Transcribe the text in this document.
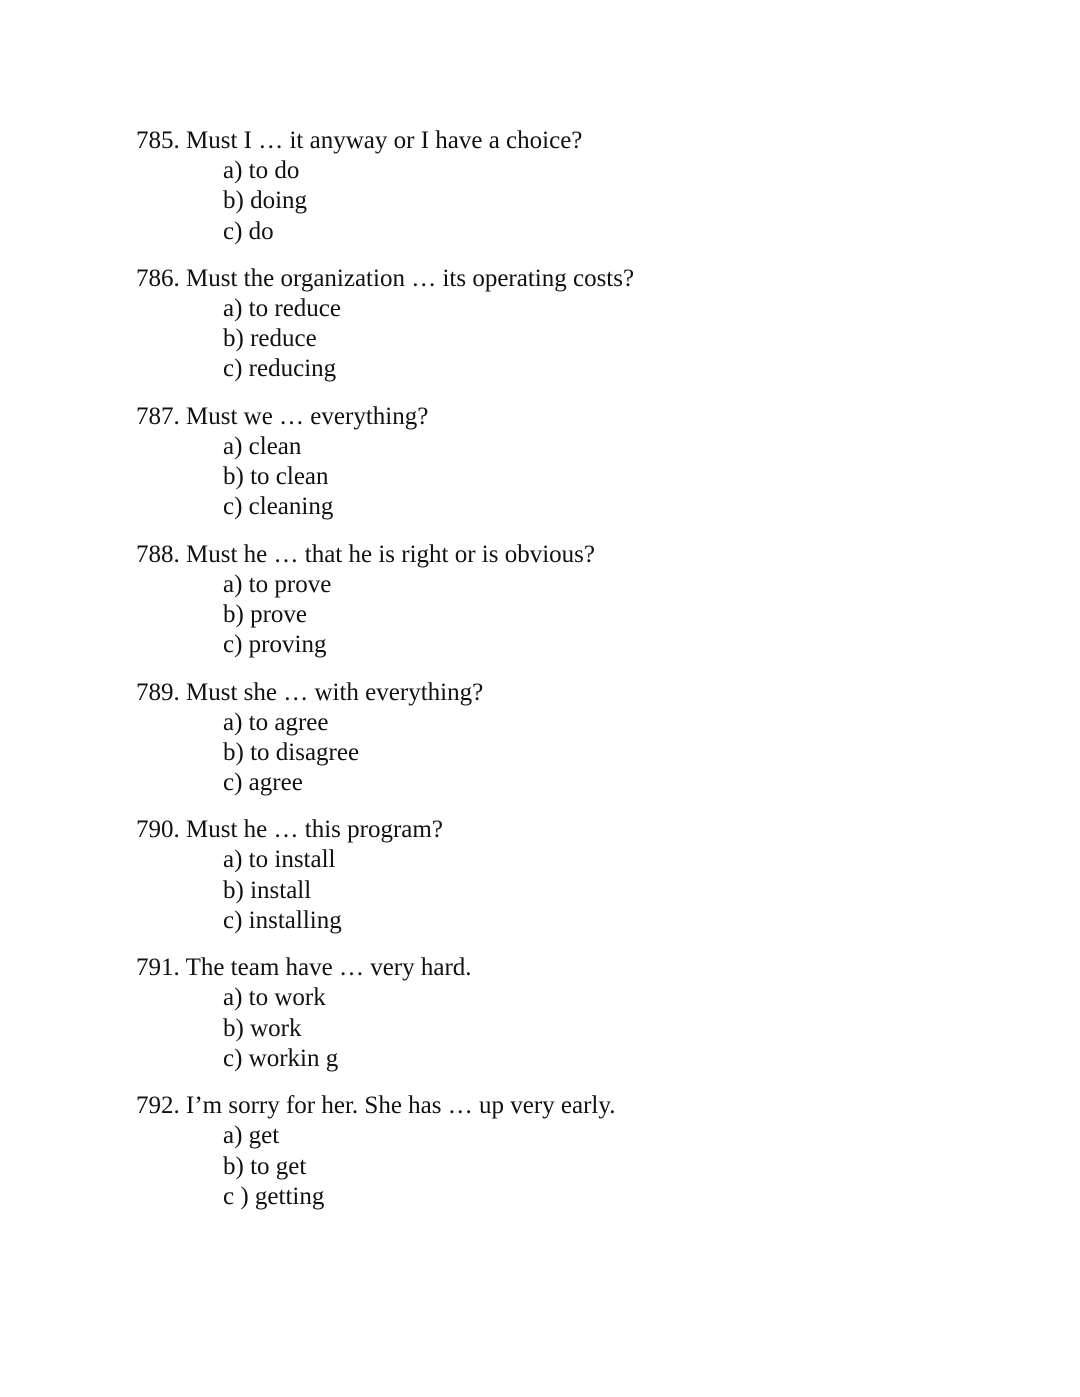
785. Must I … it anyway or I have a choice?
a) to do
b) doing
c) do
786. Must the organization … its operating costs?
a) to reduce
b) reduce
c) reducing
787. Must we … everything?
a) clean
b) to clean
c) cleaning
788. Must he … that he is right or is obvious?
a) to prove
b) prove
c) proving
789. Must she … with everything?
a) to agree
b) to disagree
c) agree
790. Must he … this program?
a) to install
b) install
c) installing
791. The team have … very hard.
a) to work
b) work
c) workin g
792. I’m sorry for her. She has … up very early.
a) get
b) to get
c ) getting
